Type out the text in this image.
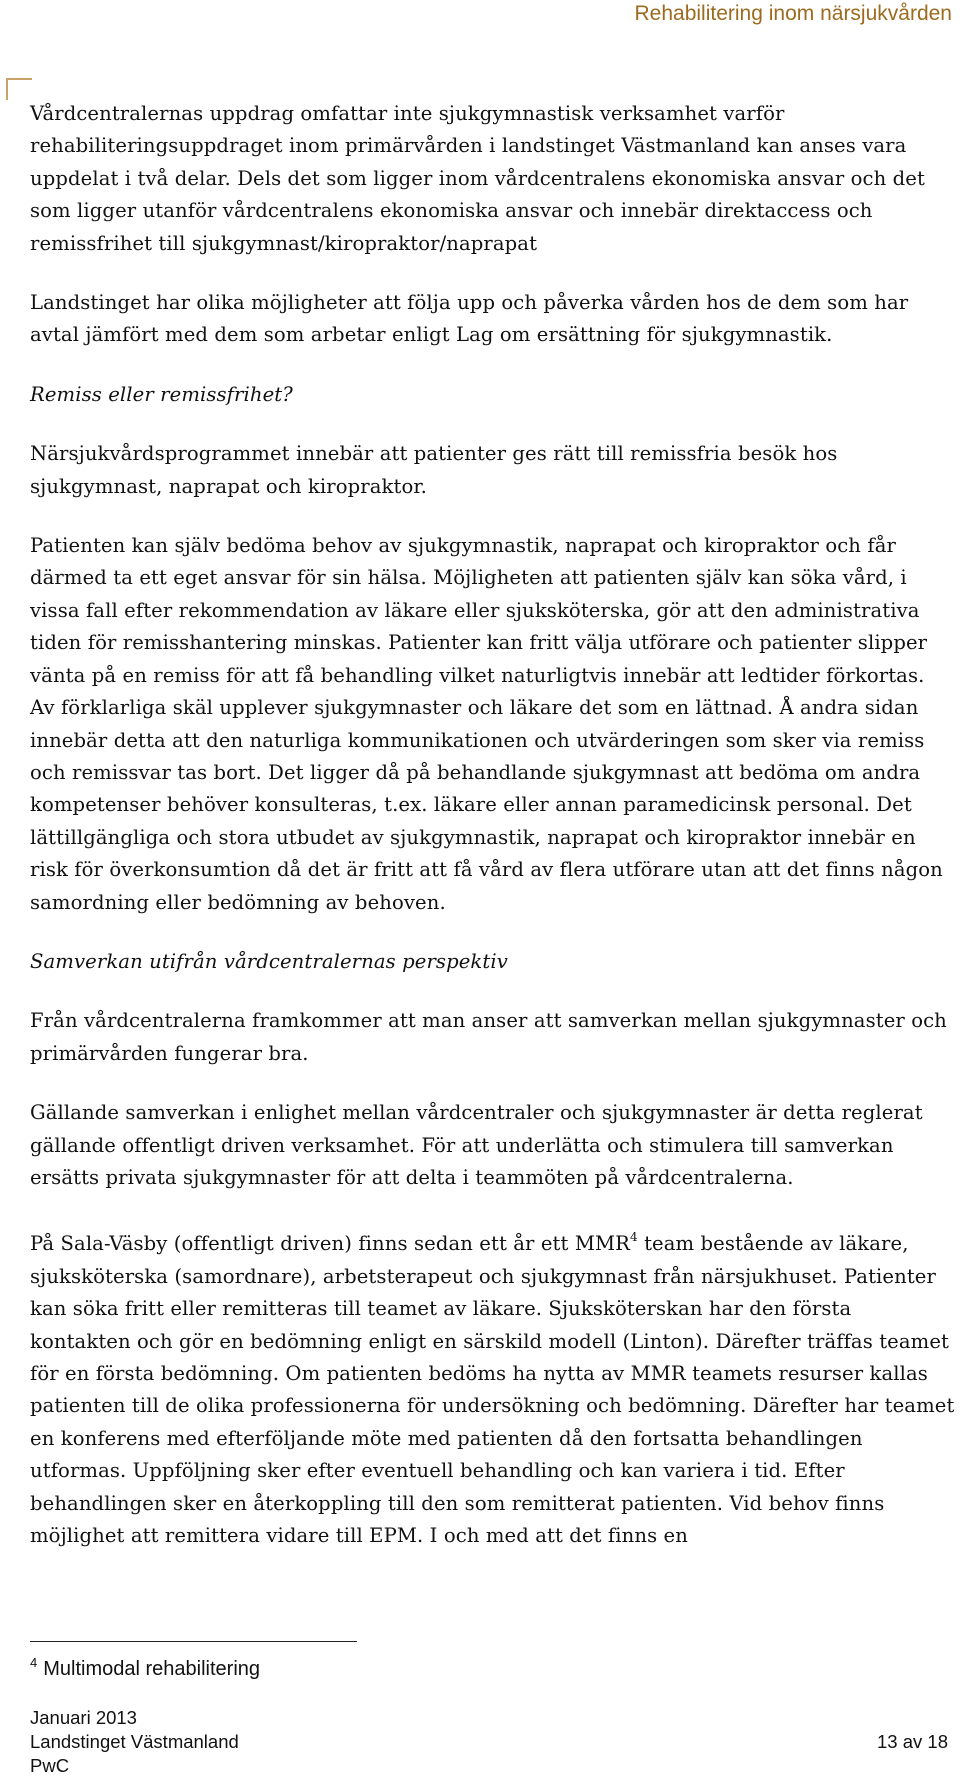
Rehabilitering inom närsjukvården

Vårdcentralernas uppdrag omfattar inte sjukgymnastisk verksamhet varför rehabiliteringsuppdraget inom primärvården i landstinget Västmanland kan anses vara uppdelat i två delar. Dels det som ligger inom vårdcentralens ekonomiska ansvar och det som ligger utanför vårdcentralens ekonomiska ansvar och innebär direktaccess och remissfrihet till sjukgymnast/kiropraktor/naprapat

Landstinget har olika möjligheter att följa upp och påverka vården hos de dem som har avtal jämfört med dem som arbetar enligt Lag om ersättning för sjukgymnastik.

Remiss eller remissfrihet?

Närsjukvårdsprogrammet innebär att patienter ges rätt till remissfria besök hos sjukgymnast, naprapat och kiropraktor.

Patienten kan själv bedöma behov av sjukgymnastik, naprapat och kiropraktor och får därmed ta ett eget ansvar för sin hälsa. Möjligheten att patienten själv kan söka vård, i vissa fall efter rekommendation av läkare eller sjuksköterska, gör att den administrativa tiden för remisshantering minskas. Patienter kan fritt välja utförare och patienter slipper vänta på en remiss för att få behandling vilket naturligtvis innebär att ledtider förkortas. Av förklarliga skäl upplever sjukgymnaster och läkare det som en lättnad. Å andra sidan innebär detta att den naturliga kommunikationen och utvärderingen som sker via remiss och remissvar tas bort. Det ligger då på behandlande sjukgymnast att bedöma om andra kompetenser behöver konsulteras, t.ex. läkare eller annan paramedicinsk personal. Det lättillgängliga och stora utbudet av sjukgymnastik, naprapat och kiropraktor innebär en risk för överkonsumtion då det är fritt att få vård av flera utförare utan att det finns någon samordning eller bedömning av behoven.

Samverkan utifrån vårdcentralernas perspektiv

Från vårdcentralerna framkommer att man anser att samverkan mellan sjukgymnaster och primärvården fungerar bra.

Gällande samverkan i enlighet mellan vårdcentraler och sjukgymnaster är detta reglerat gällande offentligt driven verksamhet. För att underlätta och stimulera till samverkan ersätts privata sjukgymnaster för att delta i teammöten på vårdcentralerna.

På Sala-Väsby (offentligt driven) finns sedan ett år ett MMR$^4$ team bestående av läkare, sjuksköterska (samordnare), arbetsterapeut och sjukgymnast från närsjukhuset. Patienter kan söka fritt eller remitteras till teamet av läkare. Sjuksköterskan har den första kontakten och gör en bedömning enligt en särskild modell (Linton). Därefter träffas teamet för en första bedömning. Om patienten bedöms ha nytta av MMR teamets resurser kallas patienten till de olika professionerna för undersökning och bedömning. Därefter har teamet en konferens med efterföljande möte med patienten då den fortsatta behandlingen utformas. Uppföljning sker efter eventuell behandling och kan variera i tid. Efter behandlingen sker en återkoppling till den som remitterat patienten. Vid behov finns möjlighet att remittera vidare till EPM. I och med att det finns en

$^4$ Multimodal rehabilitering
Januari 2013
Landstinget Västmanland	13 av 18
PwC
